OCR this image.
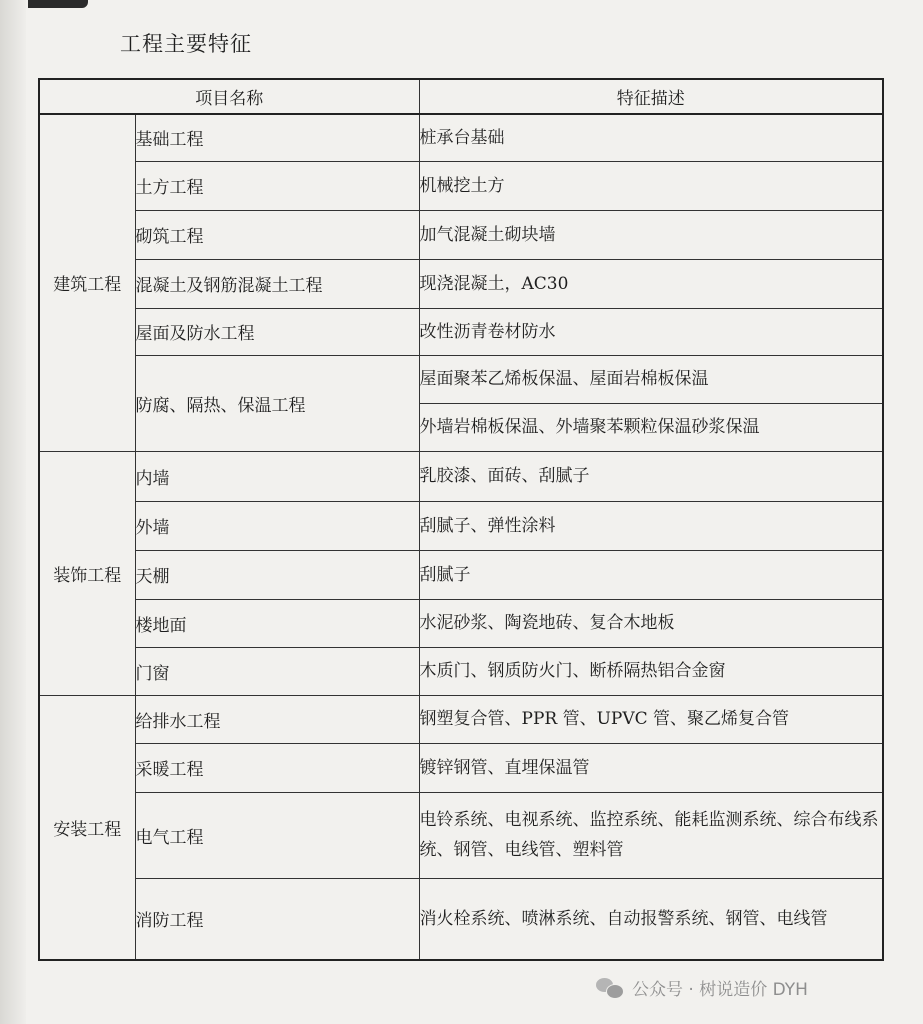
工程主要特征
项目名称		特征描述
建筑工程	基础工程	桩承台基础
	土方工程	机械挖土方
	砌筑工程	加气混凝土砌块墙
	混凝土及钢筋混凝土工程	现浇混凝土，AC30
	屋面及防水工程	改性沥青卷材防水
	防腐、隔热、保温工程	屋面聚苯乙烯板保温、屋面岩棉板保温
		外墙岩棉板保温、外墙聚苯颗粒保温砂浆保温
装饰工程	内墙	乳胶漆、面砖、刮腻子
	外墙	刮腻子、弹性涂料
	天棚	刮腻子
	楼地面	水泥砂浆、陶瓷地砖、复合木地板
	门窗	木质门、钢质防火门、断桥隔热铝合金窗
安装工程	给排水工程	钢塑复合管、PPR 管、UPVC 管、聚乙烯复合管
	采暖工程	镀锌钢管、直埋保温管
	电气工程	电铃系统、电视系统、监控系统、能耗监测系统、综合布线系统、钢管、电线管、塑料管
	消防工程	消火栓系统、喷淋系统、自动报警系统、钢管、电线管
公众号 · 树说造价 DYH
